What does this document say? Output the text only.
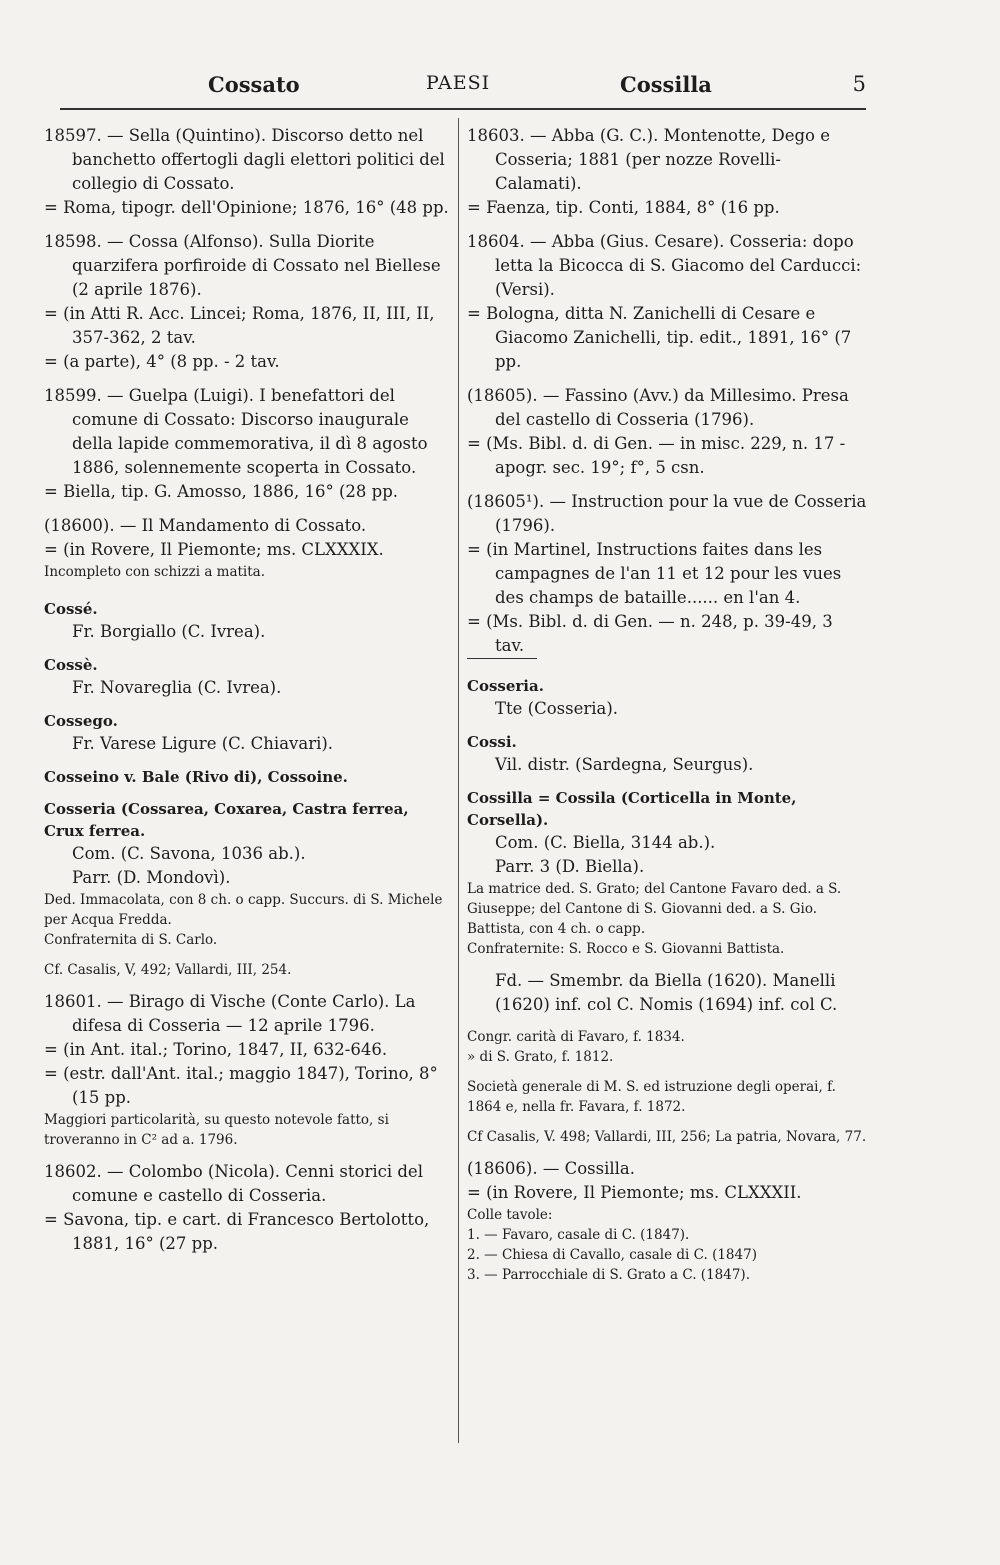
Cossato	PAESI	Cossilla	5
18597. — Sella (Quintino). Discorso detto nel banchetto offertogli dagli elettori politici del collegio di Cossato.
= Roma, tipogr. dell'Opinione; 1876, 16° (48 pp.
18598. — Cossa (Alfonso). Sulla Diorite quarzifera porfiroide di Cossato nel Biellese (2 aprile 1876).
= (in Atti R. Acc. Lincei; Roma, 1876, II, III, II, 357-362, 2 tav.
= (a parte), 4° (8 pp. - 2 tav.
18599. — Guelpa (Luigi). I benefattori del comune di Cossato: Discorso inaugurale della lapide commemorativa, il dì 8 agosto 1886, solennemente scoperta in Cossato.
= Biella, tip. G. Amosso, 1886, 16° (28 pp.
(18600). — Il Mandamento di Cossato.
= (in Rovere, Il Piemonte; ms. CLXXXIX.
Incompleto con schizzi a matita.
Cossé.
Fr. Borgiallo (C. Ivrea).
Cossè.
Fr. Novareglia (C. Ivrea).
Cossego.
Fr. Varese Ligure (C. Chiavari).
Cosseino v. Bale (Rivo di), Cossoine.
Cosseria (Cossarea, Coxarea, Castra ferrea, Crux ferrea.
Com. (C. Savona, 1036 ab.).
Parr. (D. Mondovì).
Ded. Immacolata, con 8 ch. o capp. Succurs. di S. Michele per Acqua Fredda.
Confraternita di S. Carlo.
Cf. Casalis, V, 492; Vallardi, III, 254.
18601. — Birago di Vische (Conte Carlo). La difesa di Cosseria — 12 aprile 1796.
= (in Ant. ital.; Torino, 1847, II, 632-646.
= (estr. dall'Ant. ital.; maggio 1847), Torino, 8° (15 pp.
Maggiori particolarità, su questo notevole fatto, si troveranno in C² ad a. 1796.
18602. — Colombo (Nicola). Cenni storici del comune e castello di Cosseria.
= Savona, tip. e cart. di Francesco Bertolotto, 1881, 16° (27 pp.
18603. — Abba (G. C.). Montenotte, Dego e Cosseria; 1881 (per nozze Rovelli-Calamati).
= Faenza, tip. Conti, 1884, 8° (16 pp.
18604. — Abba (Gius. Cesare). Cosseria: dopo letta la Bicocca di S. Giacomo del Carducci: (Versi).
= Bologna, ditta N. Zanichelli di Cesare e Giacomo Zanichelli, tip. edit., 1891, 16° (7 pp.
(18605). — Fassino (Avv.) da Millesimo. Presa del castello di Cosseria (1796).
= (Ms. Bibl. d. di Gen. — in misc. 229, n. 17 - apogr. sec. 19°; f°, 5 csn.
(18605¹). — Instruction pour la vue de Cosseria (1796).
= (in Martinel, Instructions faites dans les campagnes de l'an 11 et 12 pour les vues des champs de bataille...... en l'an 4.
= (Ms. Bibl. d. di Gen. — n. 248, p. 39-49, 3 tav.
Cosseria.
Tte (Cosseria).
Cossi.
Vil. distr. (Sardegna, Seurgus).
Cossilla = Cossila (Corticella in Monte, Corsella).
Com. (C. Biella, 3144 ab.).
Parr. 3 (D. Biella).
La matrice ded. S. Grato; del Cantone Favaro ded. a S. Giuseppe; del Cantone di S. Giovanni ded. a S. Gio. Battista, con 4 ch. o capp.
Confraternite: S. Rocco e S. Giovanni Battista.
Fd. — Smembr. da Biella (1620). Manelli (1620) inf. col C. Nomis (1694) inf. col C.
Congr. carità di Favaro, f. 1834.
» di S. Grato, f. 1812.
Società generale di M. S. ed istruzione degli operai, f. 1864 e, nella fr. Favara, f. 1872.
Cf Casalis, V. 498; Vallardi, III, 256; La patria, Novara, 77.
(18606). — Cossilla.
= (in Rovere, Il Piemonte; ms. CLXXXII.
Colle tavole:
1. — Favaro, casale di C. (1847).
2. — Chiesa di Cavallo, casale di C. (1847)
3. — Parrocchiale di S. Grato a C. (1847).
